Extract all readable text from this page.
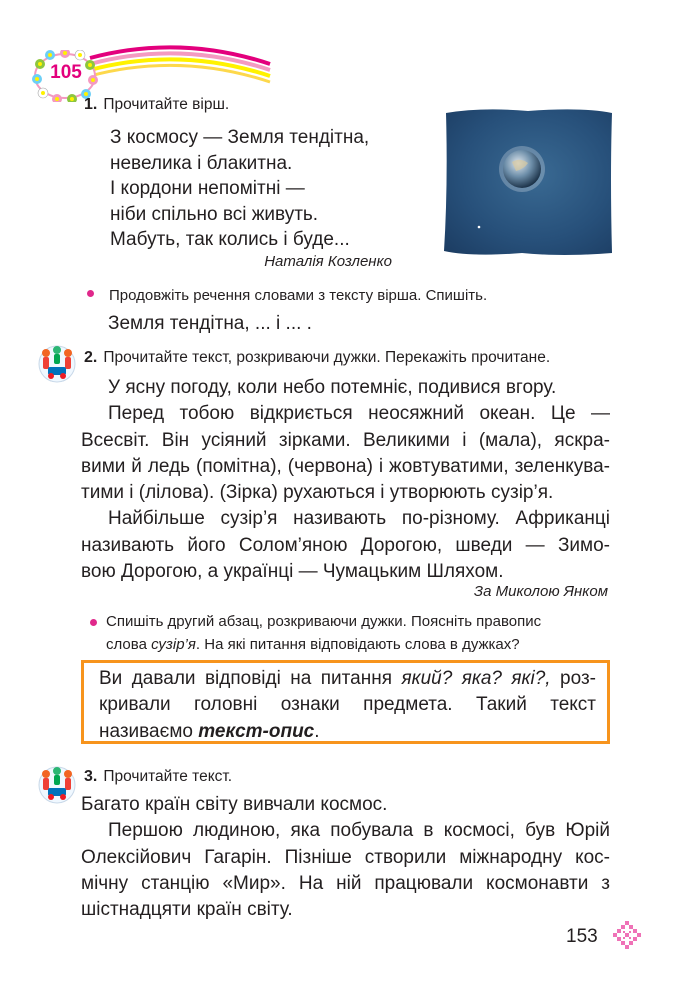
105
1. Прочитайте вірш.
З космосу — Земля тендітна,
невелика і блакитна.
І кордони непомітні —
ніби спільно всі живуть.
Мабуть, так колись і буде...
Наталія Козленко
Продовжіть речення словами з тексту вірша. Спишіть.
Земля тендітна, ... і ... .
2. Прочитайте текст, розкриваючи дужки. Перекажіть прочитане.
У ясну погоду, коли небо потемніє, подивися вгору.
Перед тобою відкриється неосяжний океан. Це —
Всесвіт. Він усіяний зірками. Великими і (мала), яскра-
вими й ледь (помітна), (червона) і жовтуватими, зеленкува-
тими і (лілова). (Зірка) рухаються і утворюють сузір’я.
Найбільше сузір’я називають по-різному. Африканці
називають його Солом’яною Дорогою, шведи — Зимо-
вою Дорогою, а українці — Чумацьким Шляхом.
За Миколою Янком
Спишіть другий абзац, розкриваючи дужки. Поясніть правопис
слова сузір’я. На які питання відповідають слова в дужках?
Ви давали відповіді на питання який? яка? які?, роз-
кривали головні ознаки предмета. Такий текст
називаємо текст-опис.
3. Прочитайте текст.
Багато країн світу вивчали космос.
Першою людиною, яка побувала в космосі, був Юрій
Олексійович Гагарін. Пізніше створили міжнародну кос-
мічну станцію «Мир». На ній працювали космонавти з
шістнадцяти країн світу.
153
